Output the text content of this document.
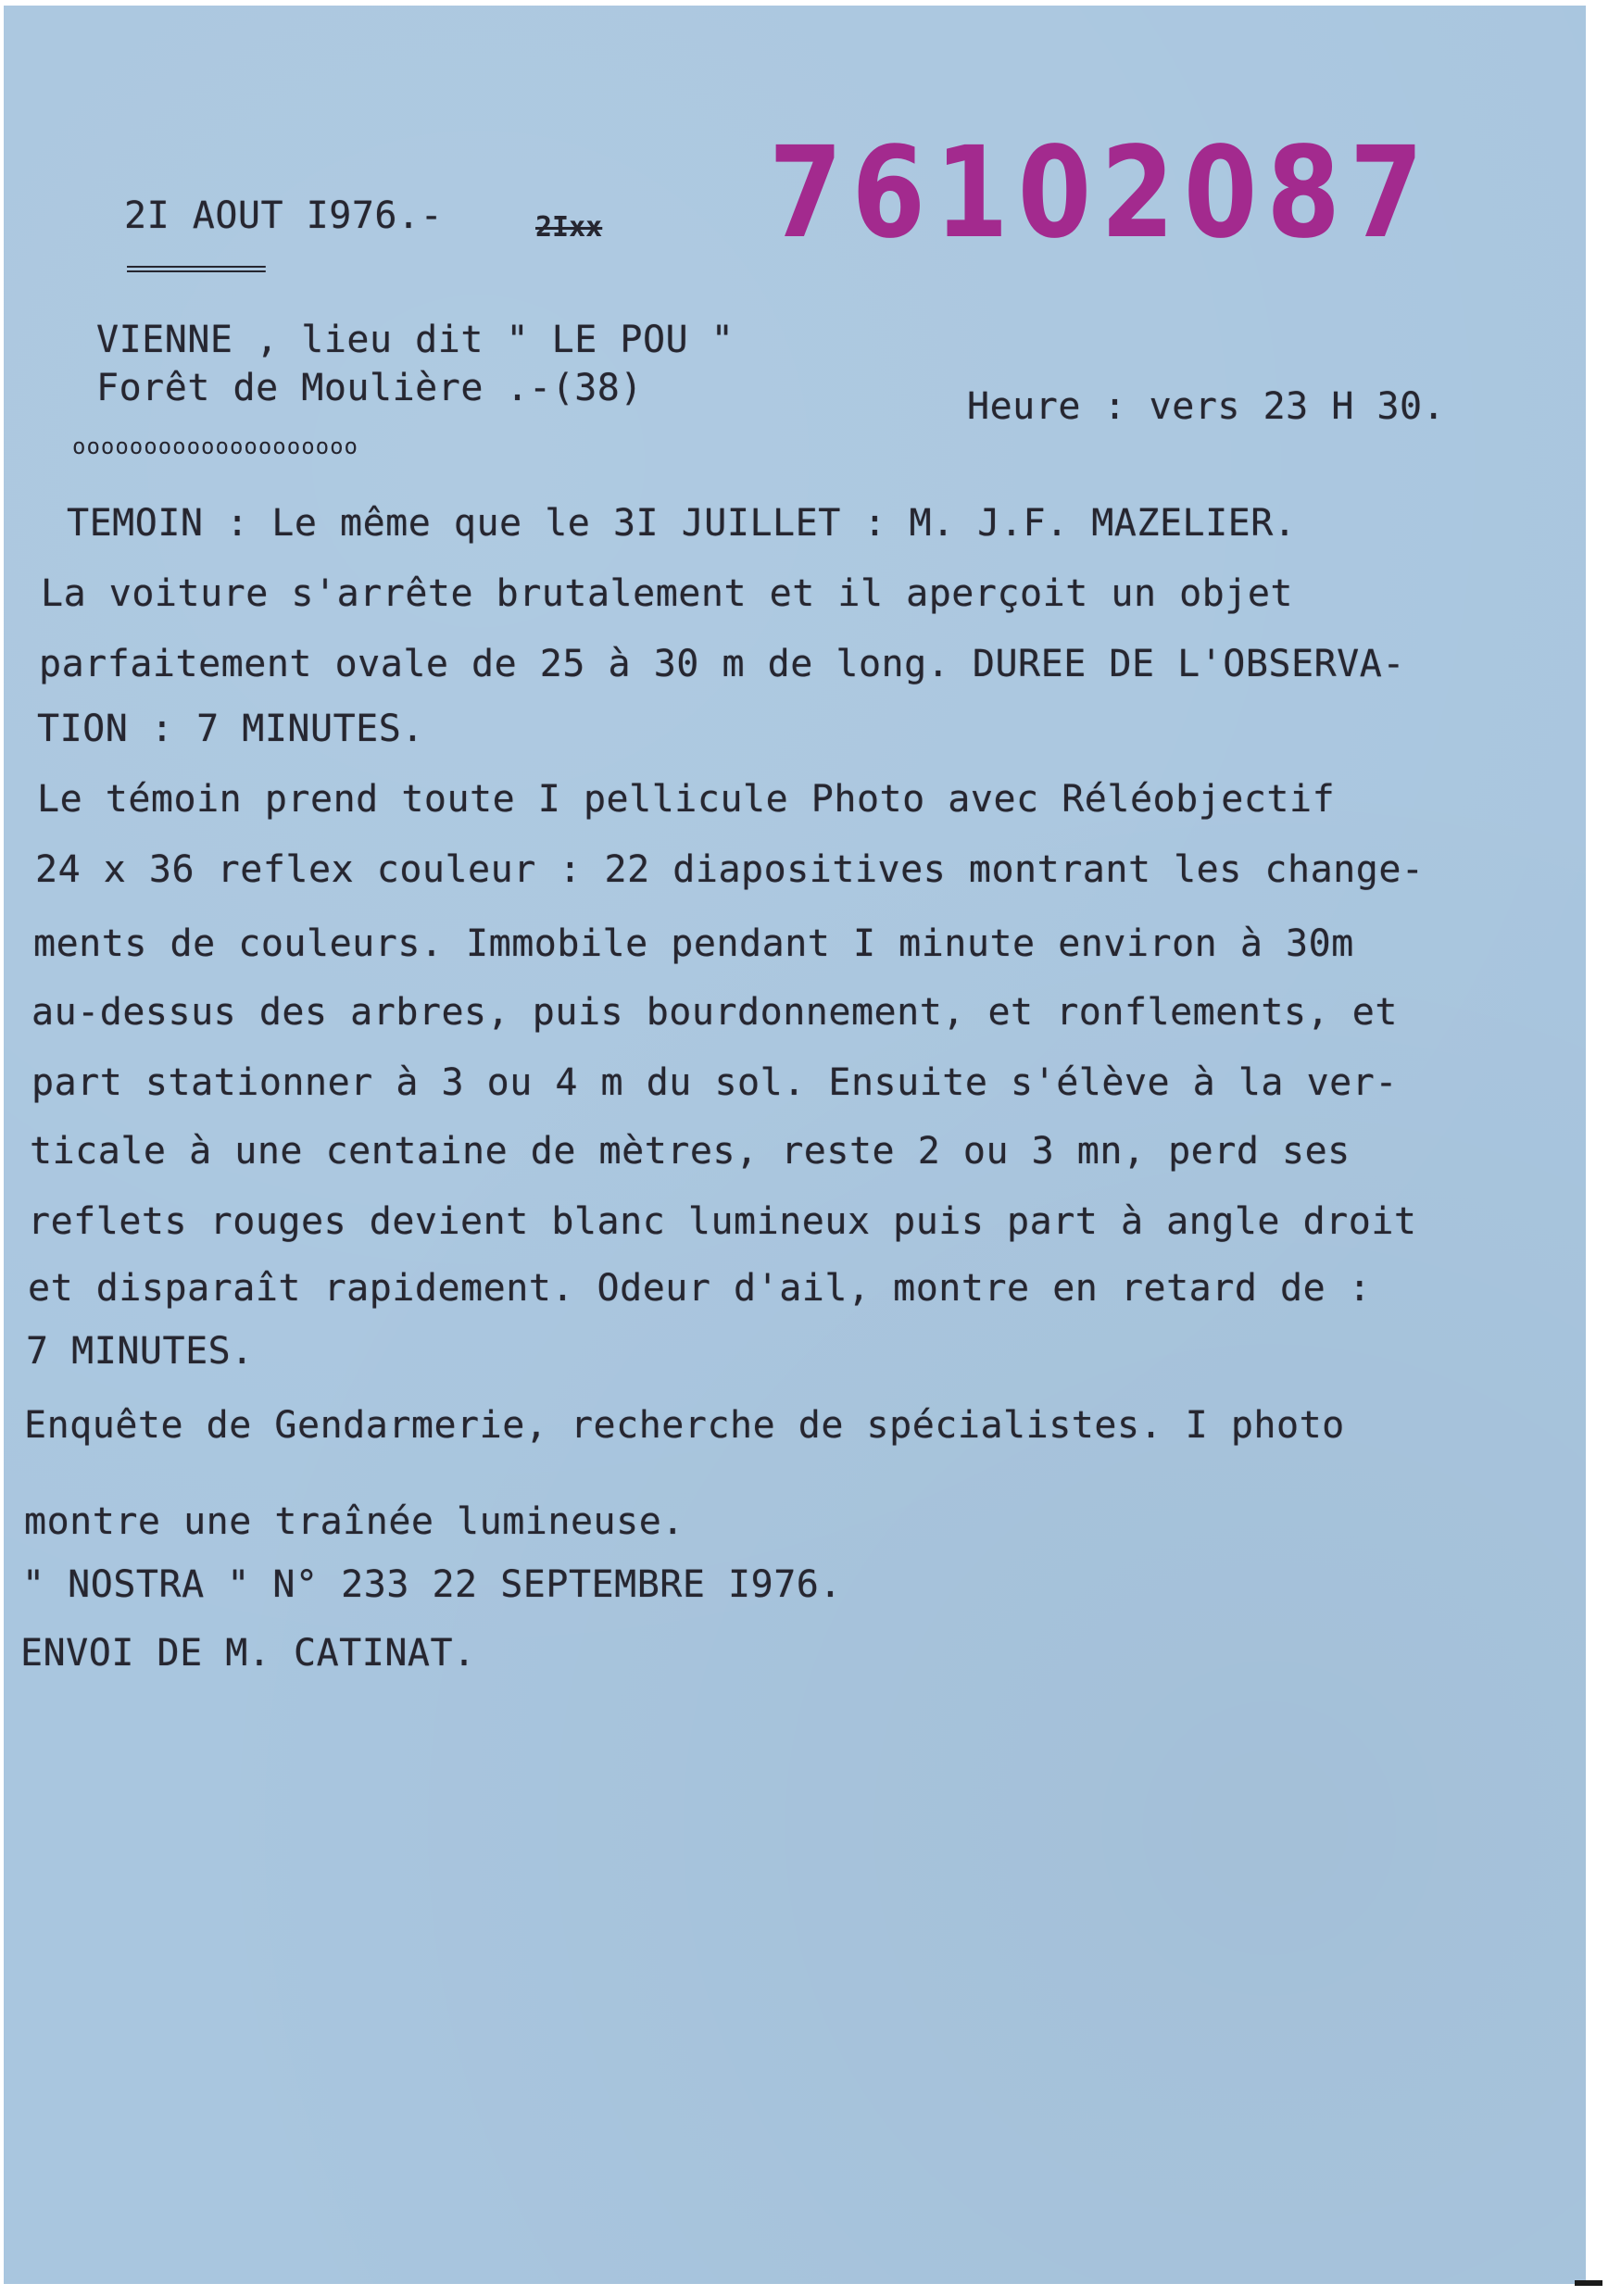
2I AOUT I976.-	2Ixx
=============
76102087
VIENNE , lieu dit " LE POU "
Forêt de Moulière .-(38)
oooooooooooooooooooo
Heure : vers 23 H 30.
TEMOIN : Le même que le 3I JUILLET : M. J.F. MAZELIER.
La voiture s'arrête brutalement et il aperçoit un objet
parfaitement ovale de 25 à 30 m de long. DUREE DE L'OBSERVA-
TION : 7 MINUTES.
Le témoin prend toute I pellicule Photo avec Réléobjectif
24 x 36 reflex couleur : 22 diapositives montrant les change-
ments de couleurs. Immobile pendant I minute environ à 30m
au-dessus des arbres, puis bourdonnement, et ronflements, et
part stationner à 3 ou 4 m du sol. Ensuite s'élève à la ver-
ticale à une centaine de mètres, reste 2 ou 3 mn, perd ses
reflets rouges devient blanc lumineux puis part à angle droit
et disparaît rapidement. Odeur d'ail, montre en retard de :
7 MINUTES.
Enquête de Gendarmerie, recherche de spécialistes. I photo
montre une traînée lumineuse.
" NOSTRA " N° 233 22 SEPTEMBRE I976.
ENVOI DE M. CATINAT.
